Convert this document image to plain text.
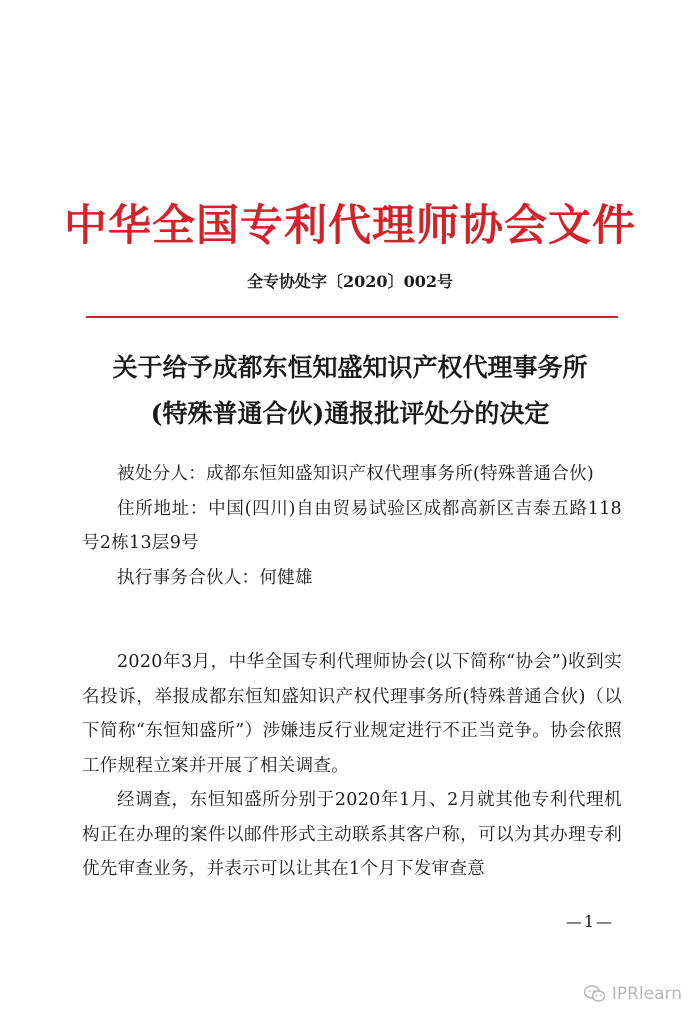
中华全国专利代理师协会文件
全专协处字〔2020〕002号
关于给予成都东恒知盛知识产权代理事务所
(特殊普通合伙)通报批评处分的决定

被处分人：成都东恒知盛知识产权代理事务所(特殊普通合伙)

住所地址：中国(四川)自由贸易试验区成都高新区吉泰五路118号2栋13层9号

执行事务合伙人：何健雄

2020年3月，中华全国专利代理师协会(以下简称“协会”)收到实名投诉，举报成都东恒知盛知识产权代理事务所(特殊普通合伙)（以下简称“东恒知盛所”）涉嫌违反行业规定进行不正当竞争。协会依照工作规程立案并开展了相关调查。

经调查，东恒知盛所分别于2020年1月、2月就其他专利代理机构正在办理的案件以邮件形式主动联系其客户称，可以为其办理专利优先审查业务，并表示可以让其在1个月下发审查意

—1—
IPRlearn
